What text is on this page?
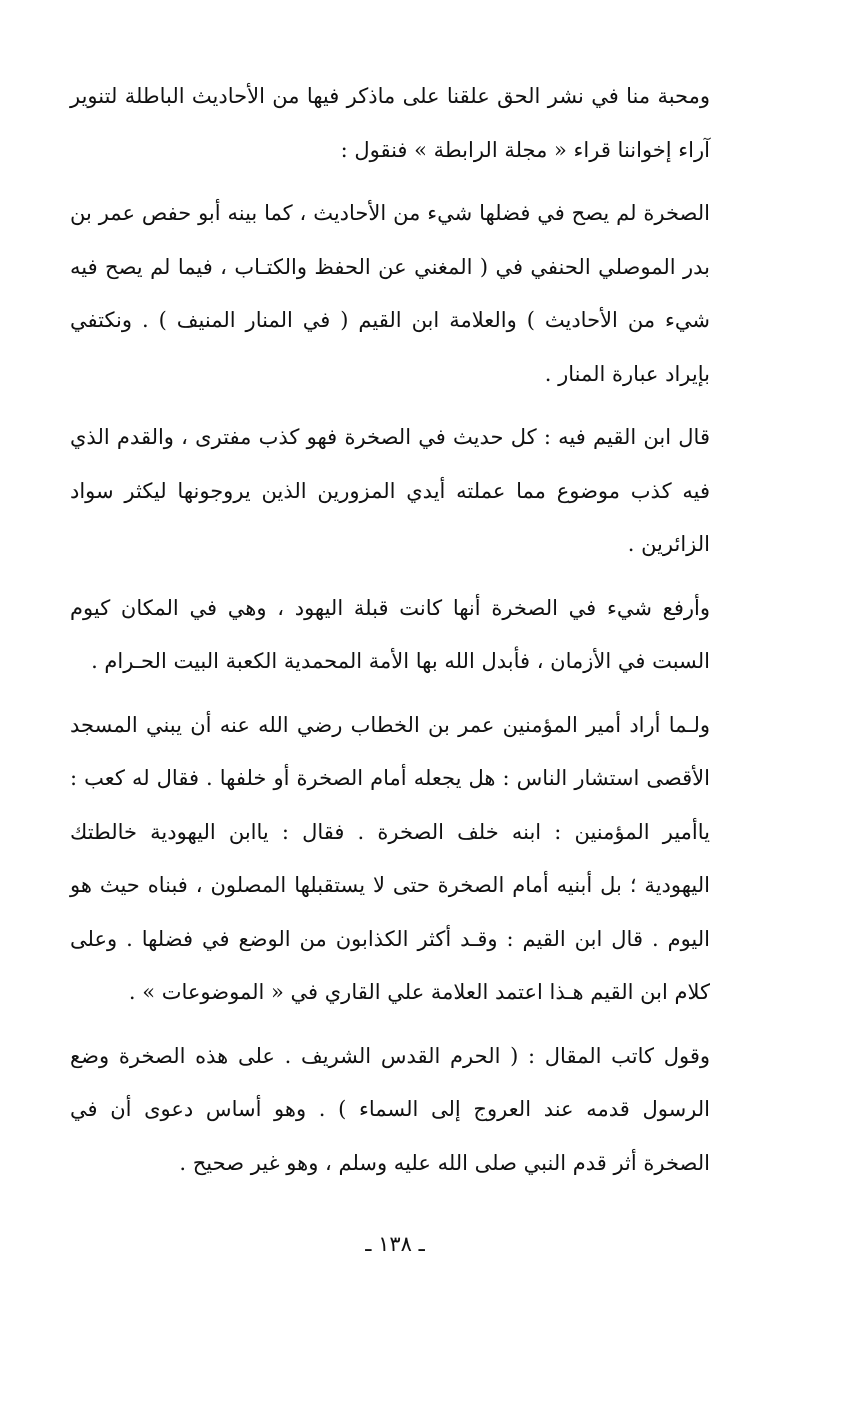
ومحبة منا في نشر الحق علقنا على ماذكر فيها من الأحاديث الباطلة لتنوير آراء إخواننا قراء « مجلة الرابطة » فنقول :

الصخرة لم يصح في فضلها شيء من الأحاديث ، كما بينه أبو حفص عمر بن بدر الموصلي الحنفي في ( المغني عن الحفظ والكتـاب ، فيما لم يصح فيه شيء من الأحاديث ) والعلامة ابن القيم ( في المنار المنيف ) . ونكتفي بإيراد عبارة المنار .

قال ابن القيم فيه : كل حديث في الصخرة فهو كذب مفترى ، والقدم الذي فيه كذب موضوع مما عملته أيدي المزورين الذين يروجونها ليكثر سواد الزائرين .

وأرفع شيء في الصخرة أنها كانت قبلة اليهود ، وهي في المكان كيوم السبت في الأزمان ، فأبدل الله بها الأمة المحمدية الكعبة البيت الحـرام .

ولـما أراد أمير المؤمنين عمر بن الخطاب رضي الله عنه أن يبني المسجد الأقصى استشار الناس : هل يجعله أمام الصخرة أو خلفها . فقال له كعب : ياأمير المؤمنين : ابنه خلف الصخرة . فقال : ياابن اليهودية خالطتك اليهودية ؛ بل أبنيه أمام الصخرة حتى لا يستقبلها المصلون ، فبناه حيث هو اليوم . قال ابن القيم : وقـد أكثر الكذابون من الوضع في فضلها . وعلى كلام ابن القيم هـذا اعتمد العلامة علي القاري في « الموضوعات » .

وقول كاتب المقال : ( الحرم القدس الشريف . على هذه الصخرة وضع الرسول قدمه عند العروج إلى السماء ) . وهو أساس دعوى أن في الصخرة أثر قدم النبي صلى الله عليه وسلم ، وهو غير صحيح .

ـ ١٣٨ ـ
